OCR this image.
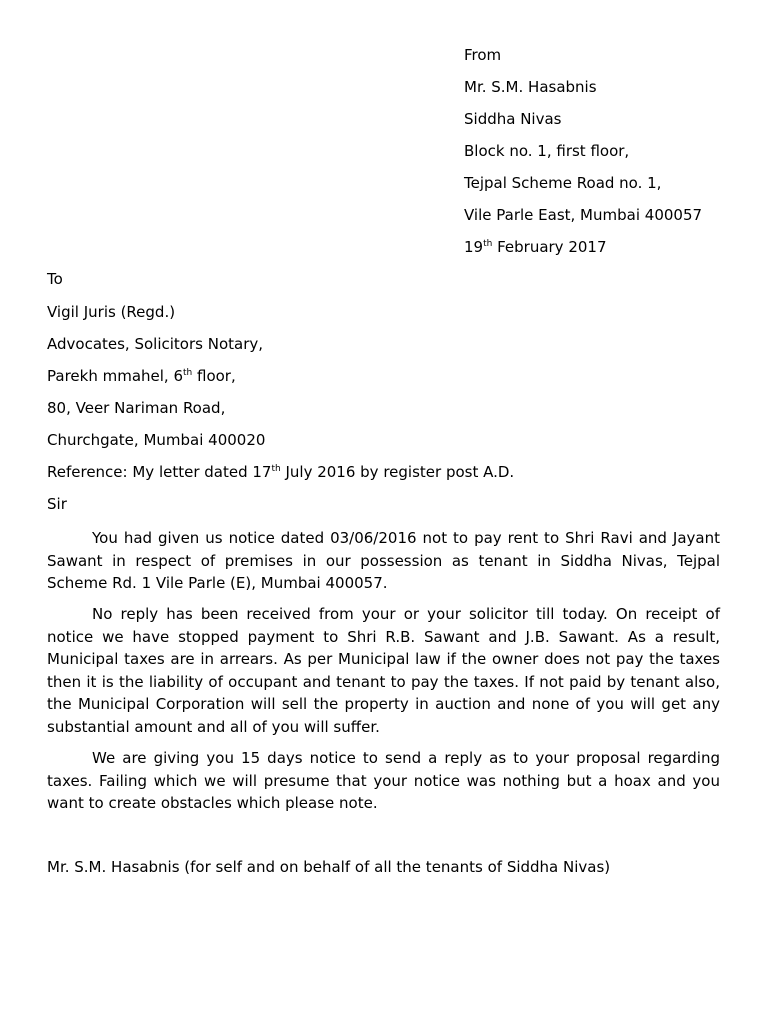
From
Mr. S.M. Hasabnis
Siddha Nivas
Block no. 1, first floor,
Tejpal Scheme Road no. 1,
Vile Parle East, Mumbai 400057
19th February 2017
To
Vigil Juris (Regd.)
Advocates, Solicitors Notary,
Parekh mmahel, 6th floor,
80, Veer Nariman Road,
Churchgate, Mumbai 400020
Reference: My letter dated 17th July 2016 by register post A.D.
Sir

You had given us notice dated 03/06/2016 not to pay rent to Shri Ravi and Jayant Sawant in respect of premises in our possession as tenant in Siddha Nivas, Tejpal Scheme Rd. 1 Vile Parle (E), Mumbai 400057.

No reply has been received from your or your solicitor till today. On receipt of notice we have stopped payment to Shri R.B. Sawant and J.B. Sawant. As a result, Municipal taxes are in arrears. As per Municipal law if the owner does not pay the taxes then it is the liability of occupant and tenant to pay the taxes. If not paid by tenant also, the Municipal Corporation will sell the property in auction and none of you will get any substantial amount and all of you will suffer.

We are giving you 15 days notice to send a reply as to your proposal regarding taxes. Failing which we will presume that your notice was nothing but a hoax and you want to create obstacles which please note.

Mr. S.M. Hasabnis (for self and on behalf of all the tenants of Siddha Nivas)
